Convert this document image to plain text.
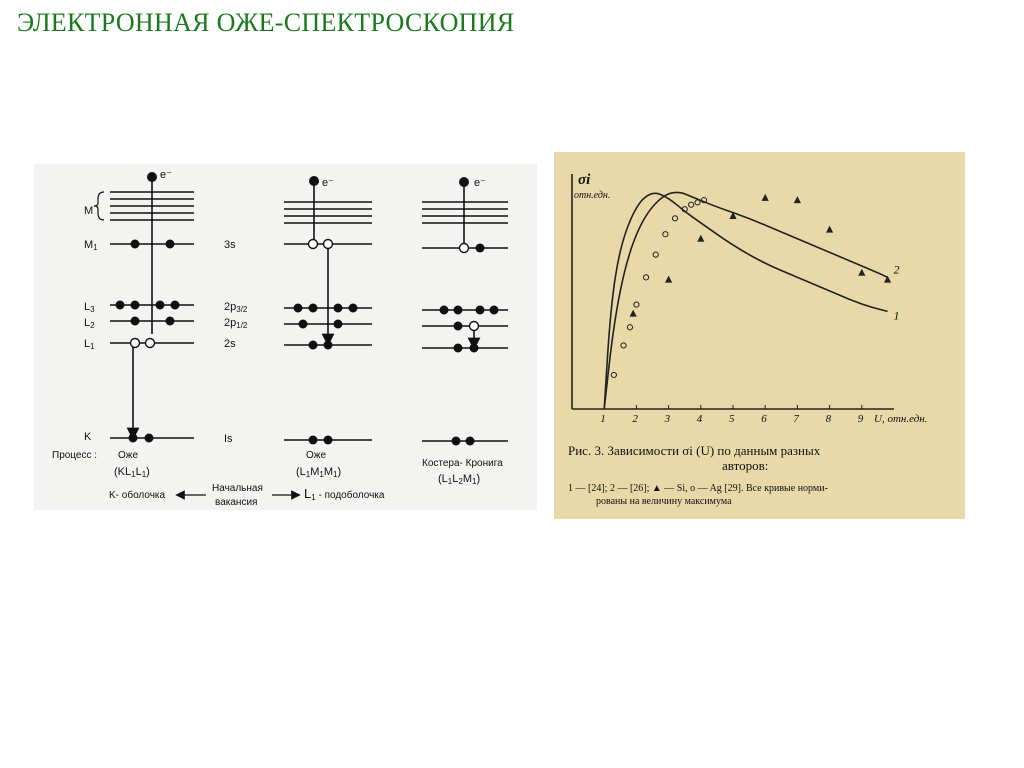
ЭЛЕКТРОННАЯ ОЖЕ-СПЕКТРОСКОПИЯ
e⁻
e⁻	e⁻
M
M1
L3
L2
L1
K
3s
2p3/2
2p1/2
2s
Is
Процесс : Оже
(KL1L1)
Оже
(L1M1M1)
Костера- Кронига
(L1L2M1)
K- оболочка
Начальная
вакансия
L1 - подоболочка
1 2 3 4 5 6 7 8 9
1
2
σi
отн.едн.
U, отн.едн.
Рис. 3. Зависимости σi (U) по данным разных
авторов:
1 — [24]; 2 — [26]; ▲ — Si, o — Ag [29]. Все кривые норми-
рованы на величину максимума
